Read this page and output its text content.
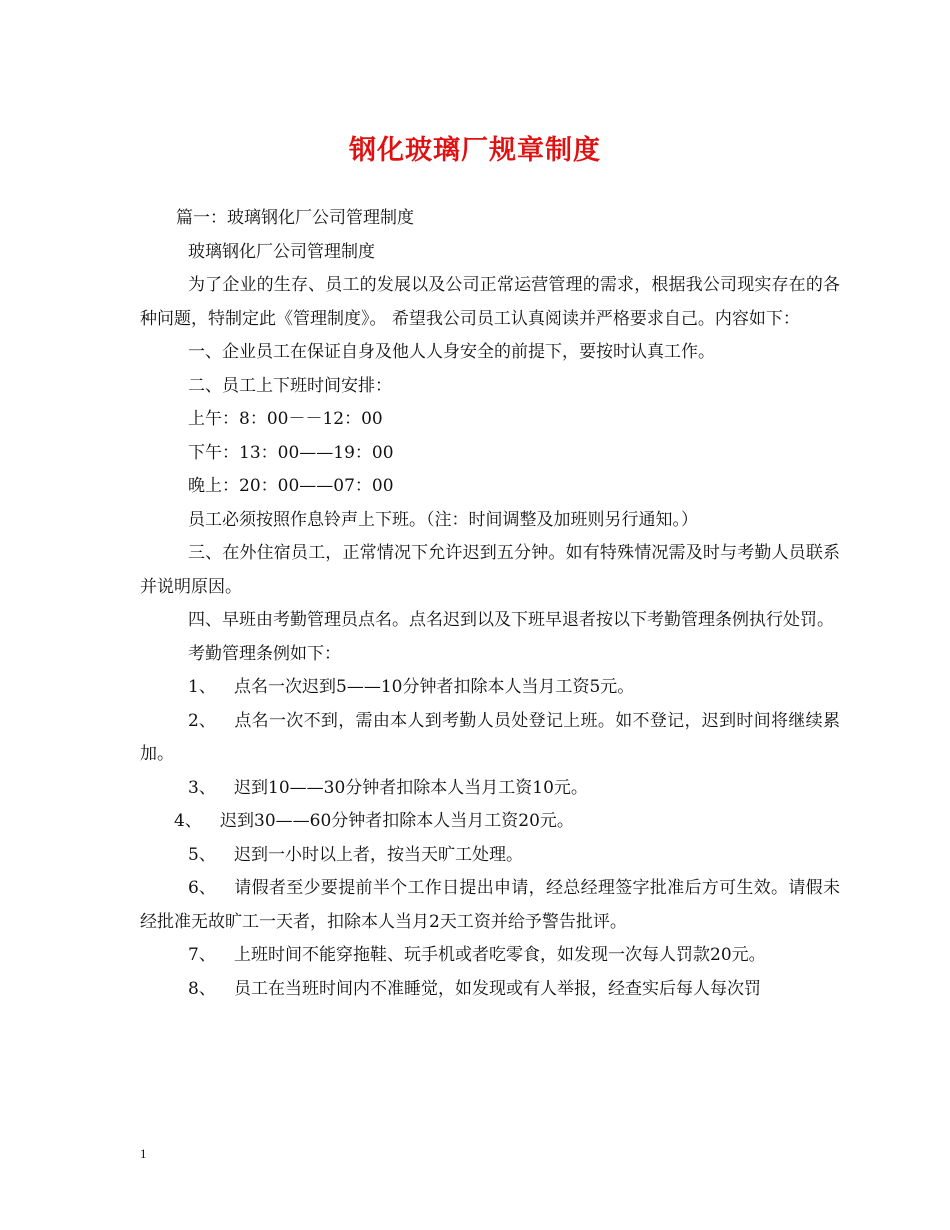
钢化玻璃厂规章制度

篇一：玻璃钢化厂公司管理制度

玻璃钢化厂公司管理制度

为了企业的生存、员工的发展以及公司正常运营管理的需求，根据我公司现实存在的各种问题，特制定此《管理制度》。 希望我公司员工认真阅读并严格要求自己。内容如下：

一、企业员工在保证自身及他人人身安全的前提下，要按时认真工作。

二、员工上下班时间安排：

上午：8：00－－12：00

下午：13：00——19：00

晚上：20：00——07：00

员工必须按照作息铃声上下班。（注：时间调整及加班则另行通知。）

三、在外住宿员工，正常情况下允许迟到五分钟。如有特殊情况需及时与考勤人员联系并说明原因。

四、早班由考勤管理员点名。点名迟到以及下班早退者按以下考勤管理条例执行处罚。

考勤管理条例如下：

1、 点名一次迟到5——10分钟者扣除本人当月工资5元。

2、 点名一次不到，需由本人到考勤人员处登记上班。如不登记，迟到时间将继续累加。

3、 迟到10——30分钟者扣除本人当月工资10元。

4、 迟到30——60分钟者扣除本人当月工资20元。

5、 迟到一小时以上者，按当天旷工处理。

6、 请假者至少要提前半个工作日提出申请，经总经理签字批准后方可生效。请假未经批准无故旷工一天者，扣除本人当月2天工资并给予警告批评。

7、 上班时间不能穿拖鞋、玩手机或者吃零食，如发现一次每人罚款20元。

8、 员工在当班时间内不准睡觉，如发现或有人举报，经查实后每人每次罚

1
